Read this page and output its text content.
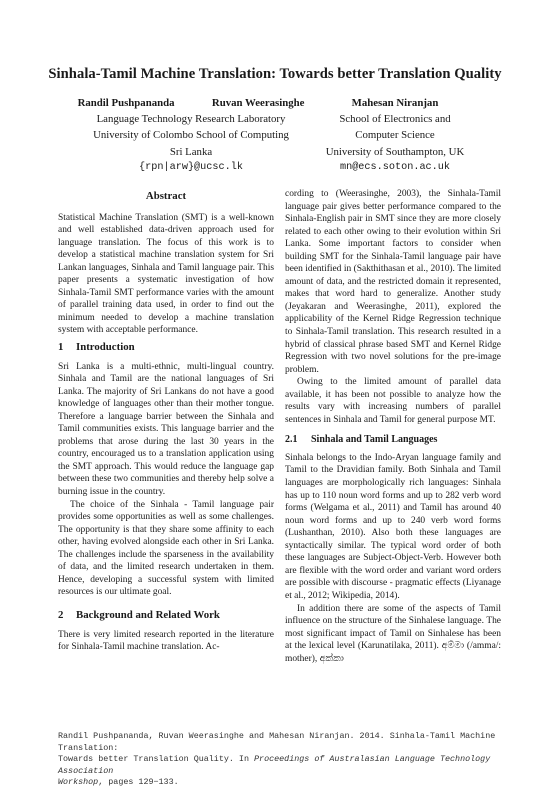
Sinhala-Tamil Machine Translation: Towards better Translation Quality
Randil Pushpananda	Ruvan Weerasinghe
Language Technology Research Laboratory
University of Colombo School of Computing
Sri Lanka
{rpn|arw}@ucsc.lk
Mahesan Niranjan
School of Electronics and
Computer Science
University of Southampton, UK
mn@ecs.soton.ac.uk
Abstract

Statistical Machine Translation (SMT) is a well-known and well established data-driven approach used for language translation. The focus of this work is to develop a statistical machine translation system for Sri Lankan languages, Sinhala and Tamil language pair. This paper presents a systematic investigation of how Sinhala-Tamil SMT performance varies with the amount of parallel training data used, in order to find out the minimum needed to develop a machine translation system with acceptable performance.

1 Introduction

Sri Lanka is a multi-ethnic, multi-lingual country. Sinhala and Tamil are the national languages of Sri Lanka. The majority of Sri Lankans do not have a good knowledge of languages other than their mother tongue. Therefore a language barrier between the Sinhala and Tamil communities exists. This language barrier and the problems that arose during the last 30 years in the country, encouraged us to a translation application using the SMT approach. This would reduce the language gap between these two communities and thereby help solve a burning issue in the country.

The choice of the Sinhala - Tamil language pair provides some opportunities as well as some challenges. The opportunity is that they share some affinity to each other, having evolved alongside each other in Sri Lanka. The challenges include the sparseness in the availability of data, and the limited research undertaken in them. Hence, developing a successful system with limited resources is our ultimate goal.

2 Background and Related Work

There is very limited research reported in the literature for Sinhala-Tamil machine translation. Ac-

cording to (Weerasinghe, 2003), the Sinhala-Tamil language pair gives better performance compared to the Sinhala-English pair in SMT since they are more closely related to each other owing to their evolution within Sri Lanka. Some important factors to consider when building SMT for the Sinhala-Tamil language pair have been identified in (Sakthithasan et al., 2010). The limited amount of data, and the restricted domain it represented, makes that word hard to generalize. Another study (Jeyakaran and Weerasinghe, 2011), explored the applicability of the Kernel Ridge Regression technique to Sinhala-Tamil translation. This research resulted in a hybrid of classical phrase based SMT and Kernel Ridge Regression with two novel solutions for the pre-image problem.

Owing to the limited amount of parallel data available, it has been not possible to analyze how the results vary with increasing numbers of parallel sentences in Sinhala and Tamil for general purpose MT.

2.1 Sinhala and Tamil Languages

Sinhala belongs to the Indo-Aryan language family and Tamil to the Dravidian family. Both Sinhala and Tamil languages are morphologically rich languages: Sinhala has up to 110 noun word forms and up to 282 verb word forms (Welgama et al., 2011) and Tamil has around 40 noun word forms and up to 240 verb word forms (Lushanthan, 2010). Also both these languages are syntactically similar. The typical word order of both these languages are Subject-Object-Verb. However both are flexible with the word order and variant word orders are possible with discourse - pragmatic effects (Liyanage et al., 2012; Wikipedia, 2014).

In addition there are some of the aspects of Tamil influence on the structure of the Sinhalese language. The most significant impact of Tamil on Sinhalese has been at the lexical level (Karunatilaka, 2011). අම්මා (/amma/: mother), අක්කා

Randil Pushpananda, Ruvan Weerasinghe and Mahesan Niranjan. 2014. Sinhala-Tamil Machine Translation:
Towards better Translation Quality. In Proceedings of Australasian Language Technology Association
Workshop, pages 129−133.
